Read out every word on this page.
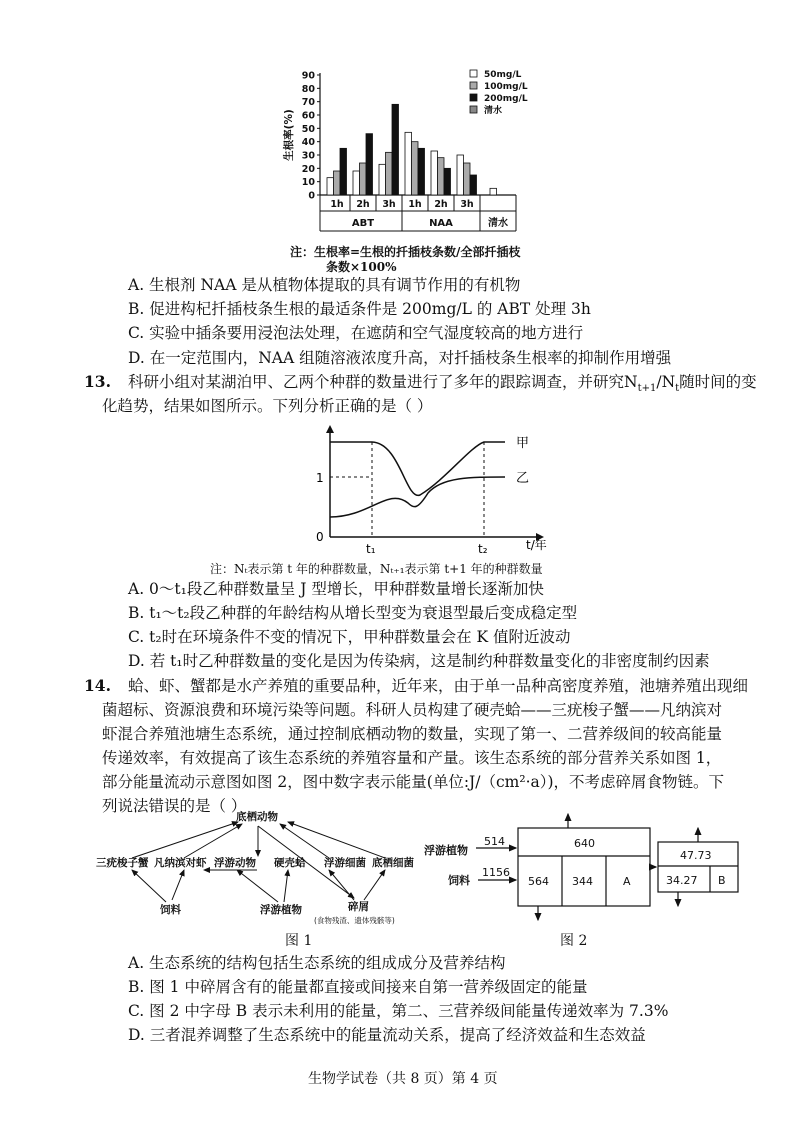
0
10
20
30
40
50
60
70
80
90
生根率(%)
1h 2h 3h 1h 2h 3h
ABT	NAA	清水
50mg/L
100mg/L
200mg/L
清水
注：生根率=生根的扦插枝条数/全部扦插枝
条数×100%
A. 生根剂 NAA 是从植物体提取的具有调节作用的有机物
B. 促进构杞扦插枝条生根的最适条件是 200mg/L 的 ABT 处理 3h
C. 实验中插条要用浸泡法处理，在遮荫和空气湿度较高的地方进行
D. 在一定范围内，NAA 组随溶液浓度升高，对扦插枝条生根率的抑制作用增强
13. 科研小组对某湖泊甲、乙两个种群的数量进行了多年的跟踪调查，并研究$N_{t+1}/N_t$随时间的变
化趋势，结果如图所示。下列分析正确的是（ ）
甲
乙
1
0
t/年
t₁	t₂
注：Nₜ表示第 t 年的种群数量，Nₜ₊₁表示第 t+1 年的种群数量
A. 0～t₁段乙种群数量呈 J 型增长，甲种群数量增长逐渐加快
B. t₁～t₂段乙种群的年龄结构从增长型变为衰退型最后变成稳定型
C. t₂时在环境条件不变的情况下，甲种群数量会在 K 值附近波动
D. 若 t₁时乙种群数量的变化是因为传染病，这是制约种群数量变化的非密度制约因素
14. 蛤、虾、蟹都是水产养殖的重要品种，近年来，由于单一品种高密度养殖，池塘养殖出现细
菌超标、资源浪费和环境污染等问题。科研人员构建了硬壳蛤——三疣梭子蟹——凡纳滨对
虾混合养殖池塘生态系统，通过控制底栖动物的数量，实现了第一、二营养级间的较高能量
传递效率，有效提高了该生态系统的养殖容量和产量。该生态系统的部分营养关系如图 1，
部分能量流动示意图如图 2，图中数字表示能量(单位:J/（cm²·a）)，不考虑碎屑食物链。下
列说法错误的是（ ）
底栖动物
三疣梭子蟹 凡纳滨对虾 浮游动物 硬壳蛤 浮游细菌 底栖细菌
饲料	浮游植物	碎屑
(食物残渣、遗体残骸等)
图 1
浮游植物
514
饲料
1156
640
564 344	A
47.73
34.27 B
图 2
A. 生态系统的结构包括生态系统的组成成分及营养结构
B. 图 1 中碎屑含有的能量都直接或间接来自第一营养级固定的能量
C. 图 2 中字母 B 表示未利用的能量，第二、三营养级间能量传递效率为 7.3%
D. 三者混养调整了生态系统中的能量流动关系，提高了经济效益和生态效益
生物学试卷（共 8 页）第 4 页
